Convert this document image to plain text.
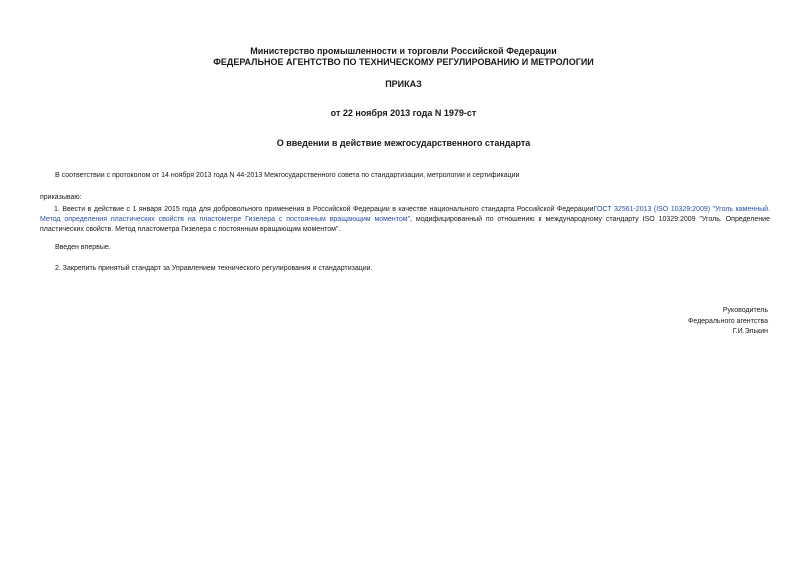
Министерство промышленности и торговли Российской Федерации
ФЕДЕРАЛЬНОЕ АГЕНТСТВО ПО ТЕХНИЧЕСКОМУ РЕГУЛИРОВАНИЮ И МЕТРОЛОГИИ
ПРИКАЗ
от 22 ноября 2013 года N 1979-ст
О введении в действие межгосударственного стандарта
В соответствии с протоколом от 14 ноября 2013 года N 44-2013 Межгосударственного совета по стандартизации, метрологии и сертификации
приказываю:
1. Ввести в действие с 1 января 2015 года для добровольного применения в Российской Федерации в качестве национального стандарта Российской ФедерацииГОСТ 32561-2013 (ISO 10329:2009) "Уголь каменный. Метод определения пластических свойств на пластометре Гизелера с постоянным вращающим моментом", модифицированный по отношению к международному стандарту ISO 10329:2009 "Уголь. Определение пластических свойств. Метод пластометра Гизелера с постоянным вращающим моментом".
Введен впервые.
2. Закрепить принятый стандарт за Управлением технического регулирования и стандартизации.
Руководитель
Федерального агентства
Г.И.Элькин
